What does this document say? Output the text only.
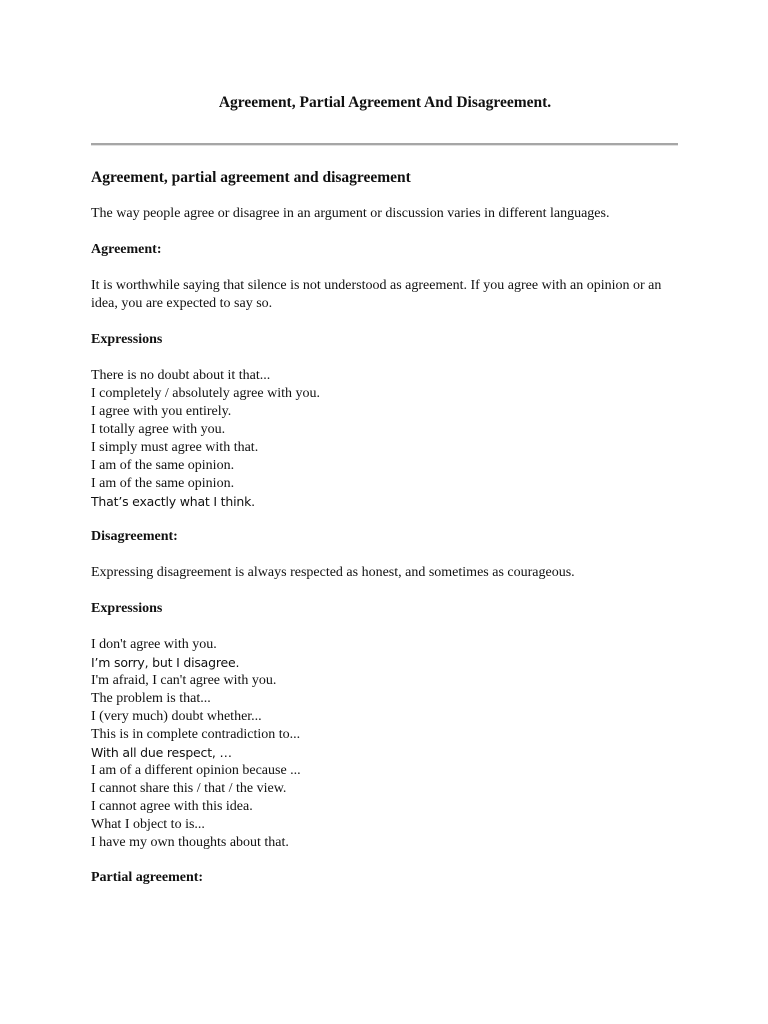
Agreement, Partial Agreement And Disagreement.
Agreement, partial agreement and disagreement

The way people agree or disagree in an argument or discussion varies in different languages.

Agreement:

It is worthwhile saying that silence is not understood as agreement. If you agree with an opinion or an idea, you are expected to say so.

Expressions

There is no doubt about it that...
I completely / absolutely agree with you.
I agree with you entirely.
I totally agree with you.
I simply must agree with that.
I am of the same opinion.
I am of the same opinion.
That’s exactly what I think.

Disagreement:

Expressing disagreement is always respected as honest, and sometimes as courageous.

Expressions

I don't agree with you.
I’m sorry, but I disagree.
I'm afraid, I can't agree with you.
The problem is that...
I (very much) doubt whether...
This is in complete contradiction to...
With all due respect, …
I am of a different opinion because ...
I cannot share this / that / the view.
I cannot agree with this idea.
What I object to is...
I have my own thoughts about that.

Partial agreement:
